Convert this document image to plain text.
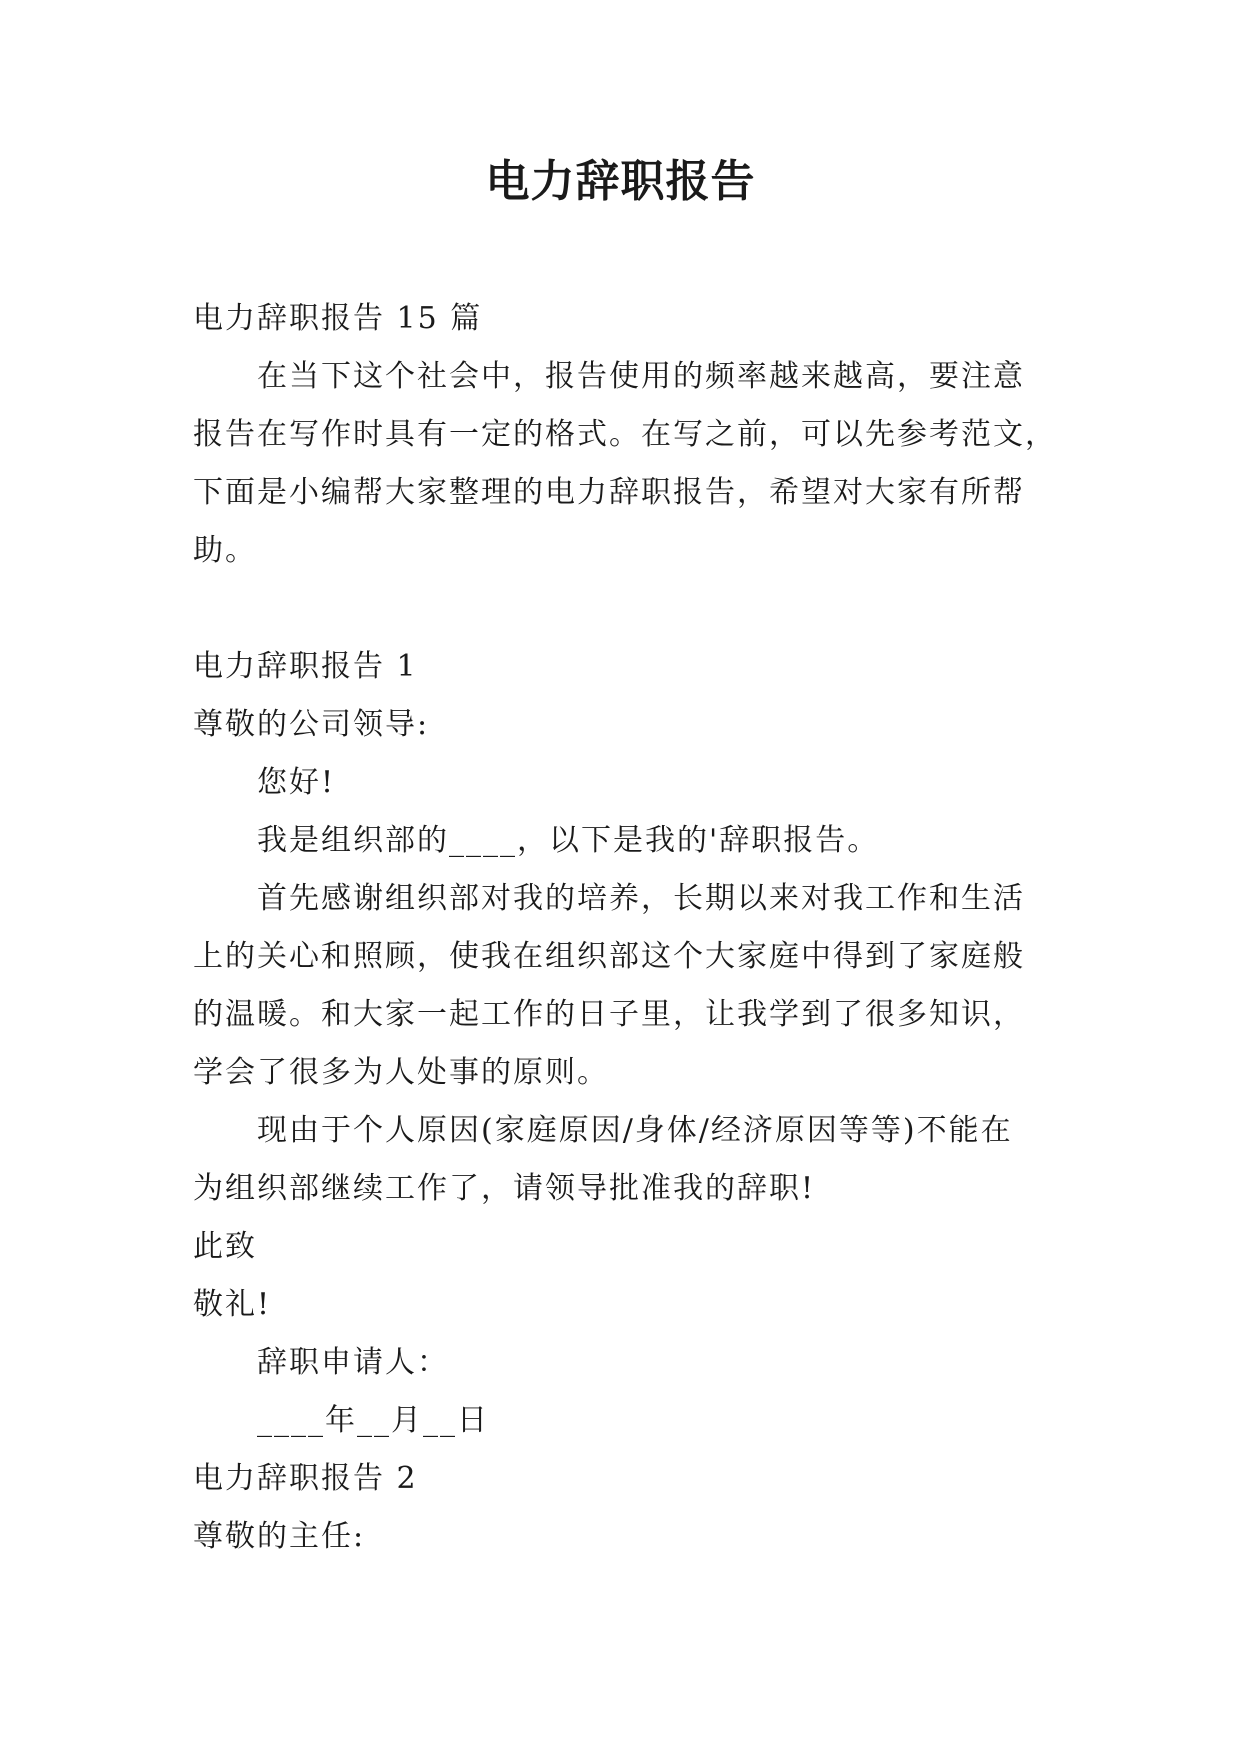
电力辞职报告
电力辞职报告 15 篇
在当下这个社会中，报告使用的频率越来越高，要注意
报告在写作时具有一定的格式。在写之前，可以先参考范文，
下面是小编帮大家整理的电力辞职报告，希望对大家有所帮
助。
电力辞职报告 1
尊敬的公司领导:
您好!
我是组织部的____，以下是我的'辞职报告。
首先感谢组织部对我的培养，长期以来对我工作和生活
上的关心和照顾，使我在组织部这个大家庭中得到了家庭般
的温暖。和大家一起工作的日子里，让我学到了很多知识，
学会了很多为人处事的原则。
现由于个人原因(家庭原因/身体/经济原因等等)不能在
为组织部继续工作了，请领导批准我的辞职!
此致
敬礼!
辞职申请人：
____年__月__日
电力辞职报告 2
尊敬的主任:
